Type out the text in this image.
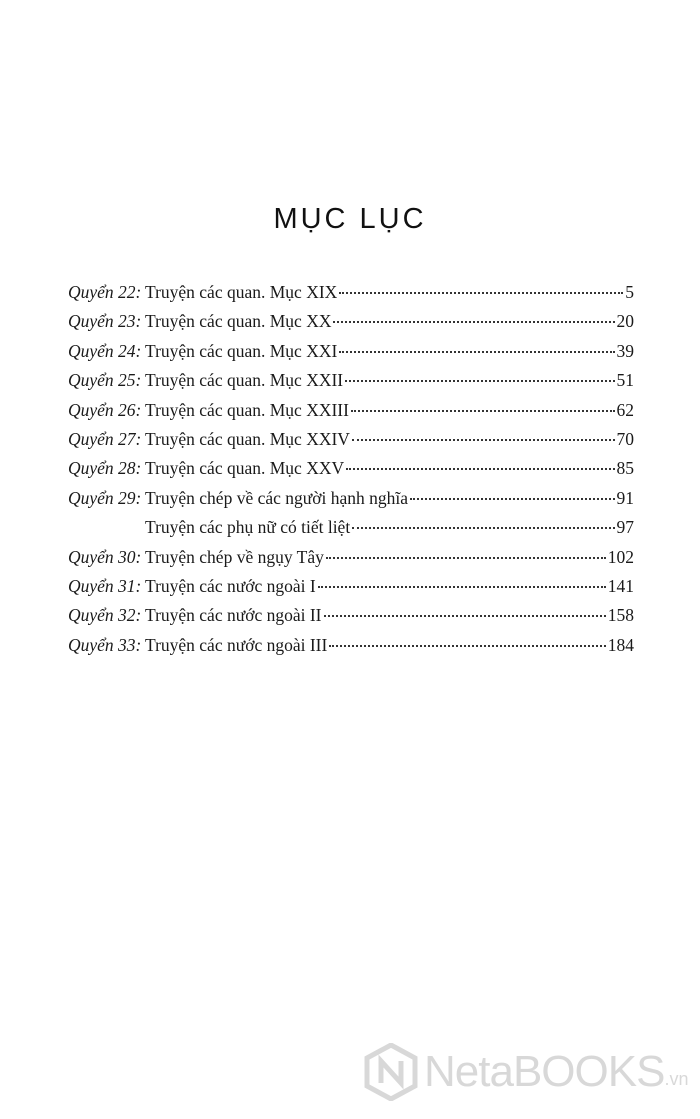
MỤC LỤC
Quyển 22: Truyện các quan. Mục XIX	5
Quyển 23: Truyện các quan. Mục XX	20
Quyển 24: Truyện các quan. Mục XXI	39
Quyển 25: Truyện các quan. Mục XXII	51
Quyển 26: Truyện các quan. Mục XXIII	62
Quyển 27: Truyện các quan. Mục XXIV	70
Quyển 28: Truyện các quan. Mục XXV	85
Quyển 29: Truyện chép về các người hạnh nghĩa	91
Truyện các phụ nữ có tiết liệt	97
Quyển 30: Truyện chép về ngụy Tây	102
Quyển 31: Truyện các nước ngoài I	141
Quyển 32: Truyện các nước ngoài II	158
Quyển 33: Truyện các nước ngoài III	184
NetaBOOKS .vn
